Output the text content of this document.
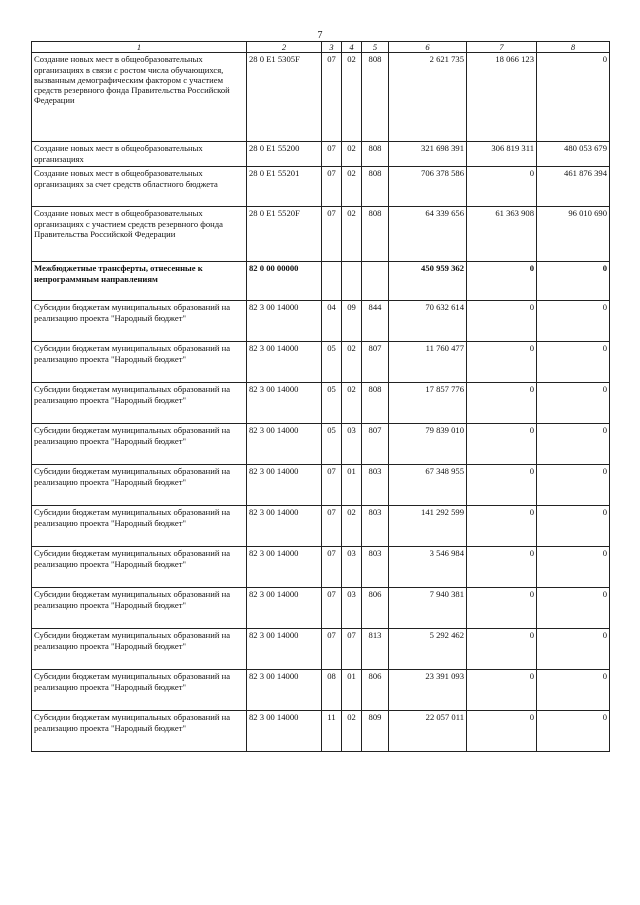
7
1	2	3	4	5	6	7	8
Создание новых мест в общеобразовательных организациях в связи с ростом числа обучающихся, вызванным демографическим фактором с участием средств резервного фонда Правительства Российской Федерации	28 0 E1 5305F	07	02	808	2 621 735	18 066 123	0
Создание новых мест в общеобразовательных организациях	28 0 E1 55200	07	02	808	321 698 391	306 819 311	480 053 679
Создание новых мест в общеобразовательных организациях за счет средств областного бюджета	28 0 E1 55201	07	02	808	706 378 586	0	461 876 394
Создание новых мест в общеобразовательных организациях с участием средств резервного фонда Правительства Российской Федерации	28 0 E1 5520F	07	02	808	64 339 656	61 363 908	96 010 690
Межбюджетные трансферты, отнесенные к непрограммным направлениям	82 0 00 00000				450 959 362	0	0
Субсидии бюджетам муниципальных образований на реализацию проекта "Народный бюджет"	82 3 00 14000	04	09	844	70 632 614	0	0
Субсидии бюджетам муниципальных образований на реализацию проекта "Народный бюджет"	82 3 00 14000	05	02	807	11 760 477	0	0
Субсидии бюджетам муниципальных образований на реализацию проекта "Народный бюджет"	82 3 00 14000	05	02	808	17 857 776	0	0
Субсидии бюджетам муниципальных образований на реализацию проекта "Народный бюджет"	82 3 00 14000	05	03	807	79 839 010	0	0
Субсидии бюджетам муниципальных образований на реализацию проекта "Народный бюджет"	82 3 00 14000	07	01	803	67 348 955	0	0
Субсидии бюджетам муниципальных образований на реализацию проекта "Народный бюджет"	82 3 00 14000	07	02	803	141 292 599	0	0
Субсидии бюджетам муниципальных образований на реализацию проекта "Народный бюджет"	82 3 00 14000	07	03	803	3 546 984	0	0
Субсидии бюджетам муниципальных образований на реализацию проекта "Народный бюджет"	82 3 00 14000	07	03	806	7 940 381	0	0
Субсидии бюджетам муниципальных образований на реализацию проекта "Народный бюджет"	82 3 00 14000	07	07	813	5 292 462	0	0
Субсидии бюджетам муниципальных образований на реализацию проекта "Народный бюджет"	82 3 00 14000	08	01	806	23 391 093	0	0
Субсидии бюджетам муниципальных образований на реализацию проекта "Народный бюджет"	82 3 00 14000	11	02	809	22 057 011	0	0
